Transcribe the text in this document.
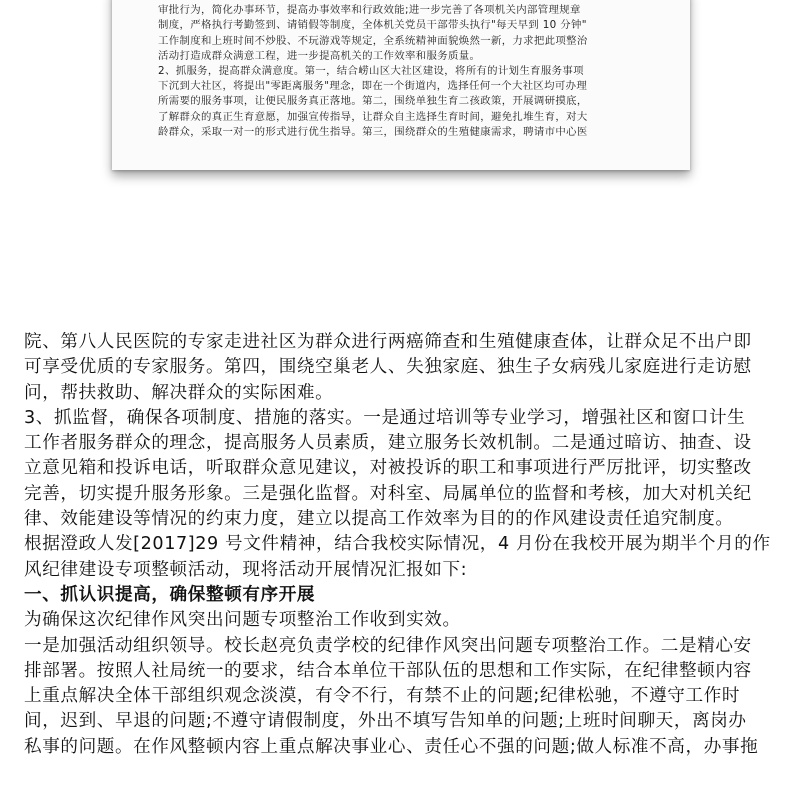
审批行为，简化办事环节，提高办事效率和行政效能;进一步完善了各项机关内部管理规章
制度，严格执行考勤签到、请销假等制度，全体机关党员干部带头执行"每天早到 10 分钟"
工作制度和上班时间不炒股、不玩游戏等规定，全系统精神面貌焕然一新，力求把此项整治
活动打造成群众满意工程，进一步提高机关的工作效率和服务质量。
2、抓服务，提高群众满意度。第一，结合崂山区大社区建设，将所有的计划生育服务事项
下沉到大社区，将提出"零距离服务"理念，即在一个街道内，选择任何一个大社区均可办理
所需要的服务事项，让便民服务真正落地。第二，围绕单独生育二孩政策，开展调研摸底，
了解群众的真正生育意愿，加强宣传指导，让群众自主选择生育时间，避免扎堆生育，对大
龄群众，采取一对一的形式进行优生指导。第三，围绕群众的生殖健康需求，聘请市中心医
院、第八人民医院的专家走进社区为群众进行两癌筛查和生殖健康查体，让群众足不出户即
可享受优质的专家服务。第四，围绕空巢老人、失独家庭、独生子女病残儿家庭进行走访慰
问，帮扶救助、解决群众的实际困难。
3、抓监督，确保各项制度、措施的落实。一是通过培训等专业学习，增强社区和窗口计生
工作者服务群众的理念，提高服务人员素质，建立服务长效机制。二是通过暗访、抽查、设
立意见箱和投诉电话，听取群众意见建议，对被投诉的职工和事项进行严厉批评，切实整改
完善，切实提升服务形象。三是强化监督。对科室、局属单位的监督和考核，加大对机关纪
律、效能建设等情况的约束力度，建立以提高工作效率为目的的作风建设责任追究制度。
根据澄政人发[2017]29 号文件精神，结合我校实际情况，4 月份在我校开展为期半个月的作
风纪律建设专项整顿活动，现将活动开展情况汇报如下:
一、抓认识提高，确保整顿有序开展
为确保这次纪律作风突出问题专项整治工作收到实效。
一是加强活动组织领导。校长赵亮负责学校的纪律作风突出问题专项整治工作。二是精心安
排部署。按照人社局统一的要求，结合本单位干部队伍的思想和工作实际，在纪律整顿内容
上重点解决全体干部组织观念淡漠，有令不行，有禁不止的问题;纪律松驰，不遵守工作时
间，迟到、早退的问题;不遵守请假制度，外出不填写告知单的问题;上班时间聊天，离岗办
私事的问题。在作风整顿内容上重点解决事业心、责任心不强的问题;做人标准不高，办事拖
